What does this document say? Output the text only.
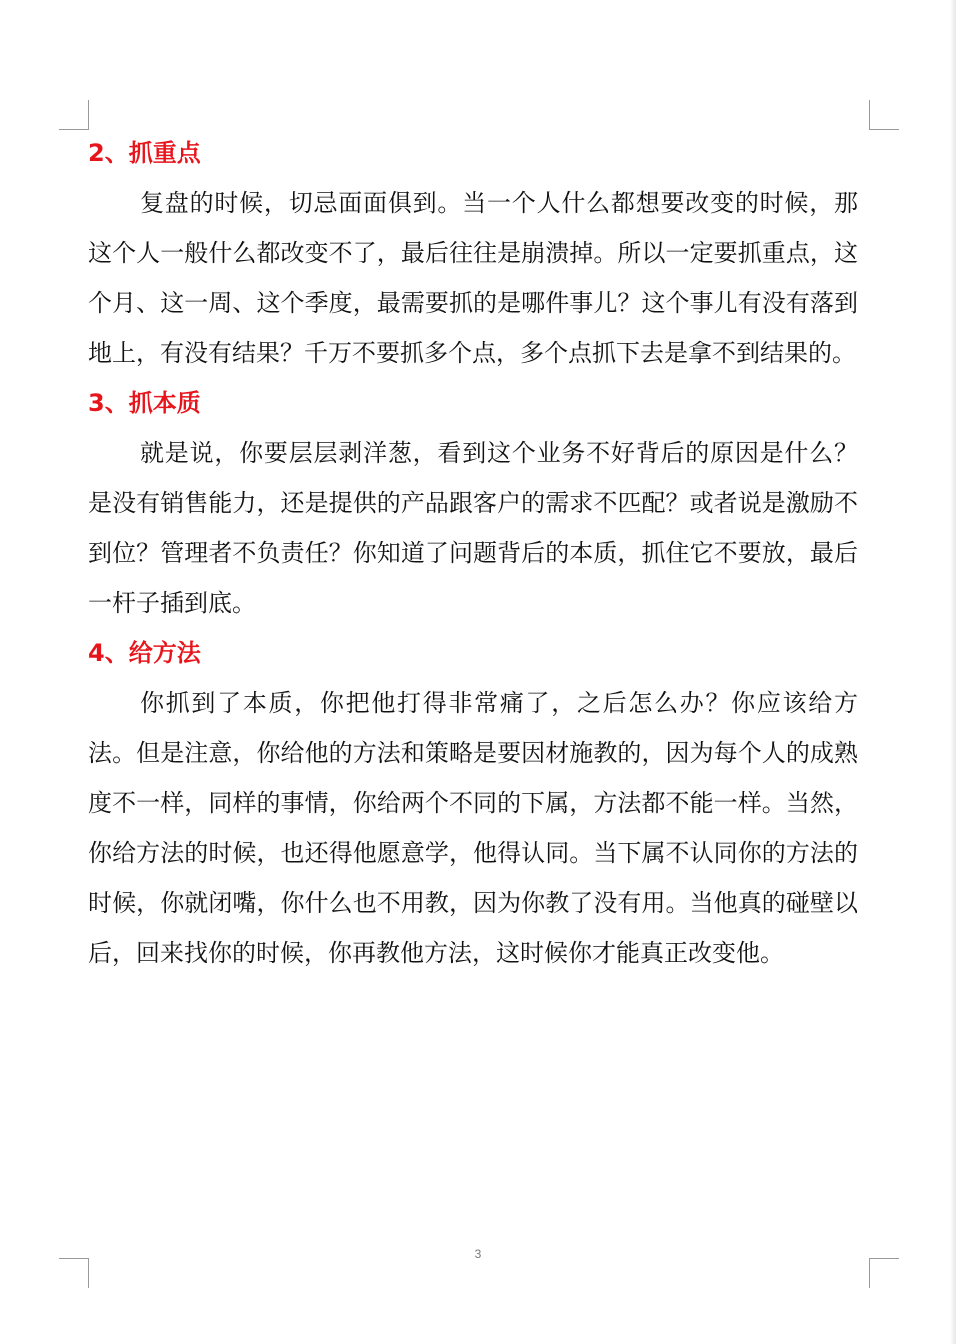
2、抓重点

复盘的时候，切忌面面俱到。当一个人什么都想要改变的时候，那这个人一般什么都改变不了，最后往往是崩溃掉。所以一定要抓重点，这个月、这一周、这个季度，最需要抓的是哪件事儿？这个事儿有没有落到地上，有没有结果？千万不要抓多个点，多个点抓下去是拿不到结果的。

3、抓本质

就是说，你要层层剥洋葱，看到这个业务不好背后的原因是什么？是没有销售能力，还是提供的产品跟客户的需求不匹配？或者说是激励不到位？管理者不负责任？你知道了问题背后的本质，抓住它不要放，最后一杆子插到底。

4、给方法

你抓到了本质，你把他打得非常痛了，之后怎么办？你应该给方法。但是注意，你给他的方法和策略是要因材施教的，因为每个人的成熟度不一样，同样的事情，你给两个不同的下属，方法都不能一样。当然，你给方法的时候，也还得他愿意学，他得认同。当下属不认同你的方法的时候，你就闭嘴，你什么也不用教，因为你教了没有用。当他真的碰壁以后，回来找你的时候，你再教他方法，这时候你才能真正改变他。

3
